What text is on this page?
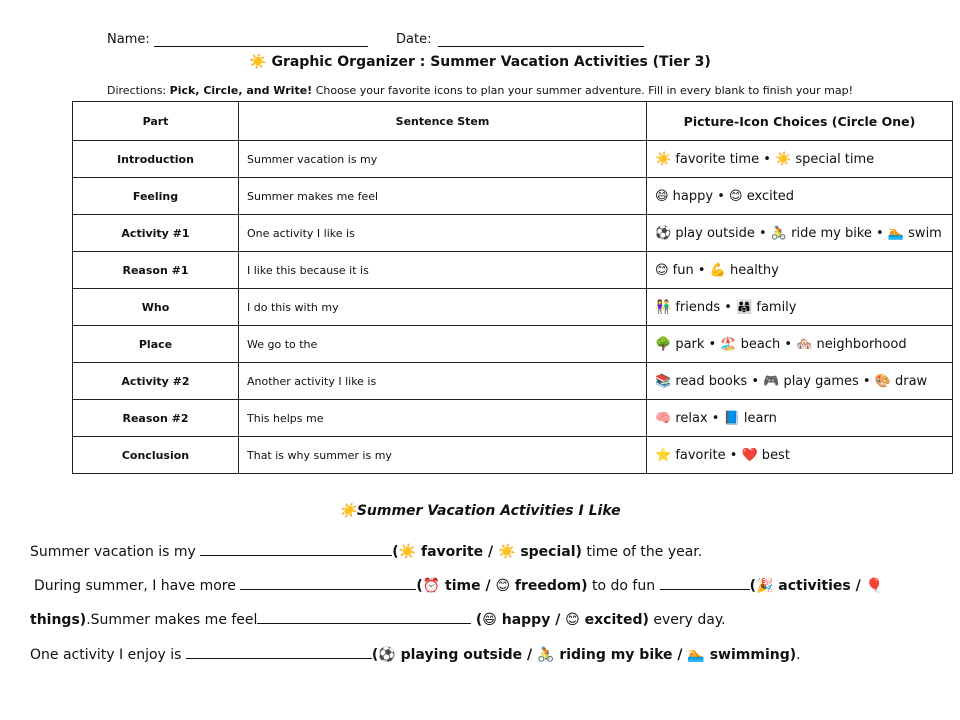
Name:	Date:
☀️ Graphic Organizer : Summer Vacation Activities (Tier 3)
Directions: Pick, Circle, and Write! Choose your favorite icons to plan your summer adventure. Fill in every blank to finish your map!
Part	Sentence Stem	Picture-Icon Choices (Circle One)
Introduction	Summer vacation is my	☀️ favorite time • ☀️ special time
Feeling	Summer makes me feel	😄 happy • 😊 excited
Activity #1	One activity I like is	⚽ play outside • 🚴 ride my bike • 🏊 swim
Reason #1	I like this because it is	😊 fun • 💪 healthy
Who	I do this with my	👫 friends • 👨‍👩‍👧 family
Place	We go to the	🌳 park • 🏖️ beach • 🏘️ neighborhood
Activity #2	Another activity I like is	📚 read books • 🎮 play games • 🎨 draw
Reason #2	This helps me	🧠 relax • 📘 learn
Conclusion	That is why summer is my	⭐ favorite • ❤️ best
☀️Summer Vacation Activities I Like
Summer vacation is my	(☀️ favorite / ☀️ special) time of the year.
During summer, I have more	(⏰ time / 😊 freedom) to do fun	(🎉 activities / 🎈
things).Summer makes me feel	(😄 happy / 😊 excited) every day.
One activity I enjoy is	(⚽ playing outside / 🚴 riding my bike / 🏊 swimming).
